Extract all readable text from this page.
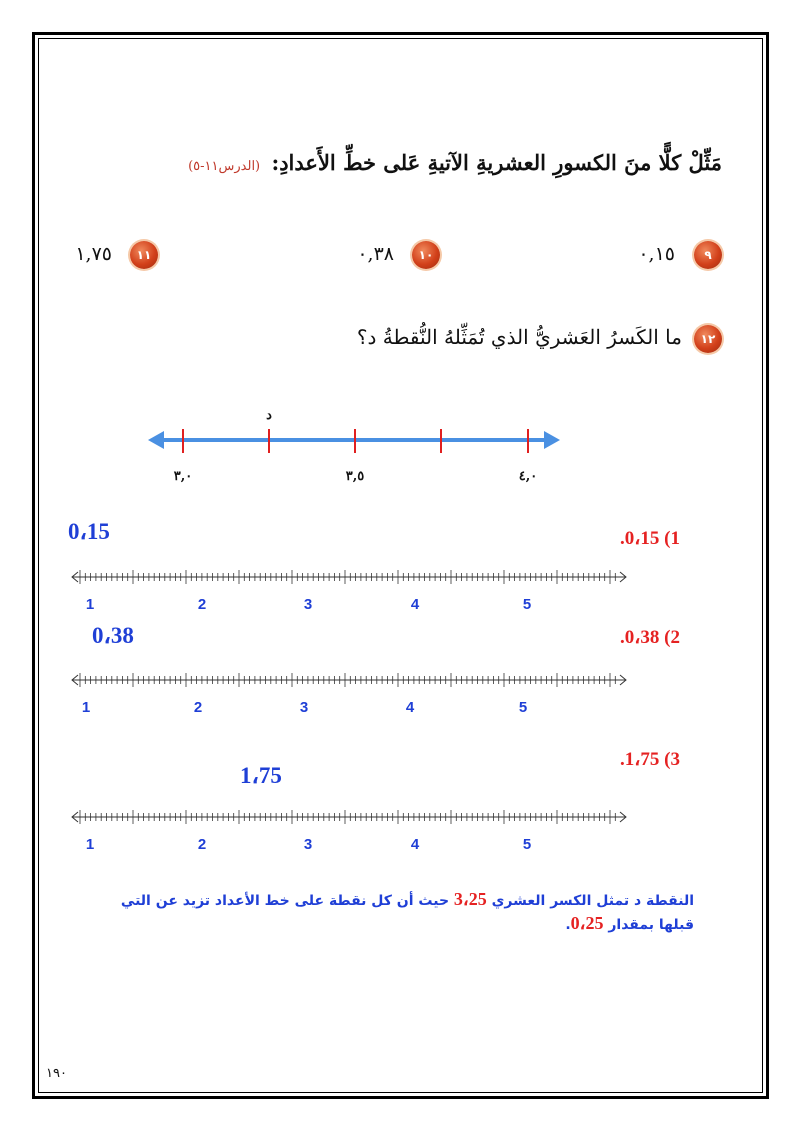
مَثِّلْ كلًّا منَ الكسورِ العشريةِ الآتيةِ عَلى خطِّ الأَعدادِ: (الدرس١١-٥)
٩
٠,١٥
١٠
٠,٣٨
١١
١,٧٥
١٢
ما الكَسرُ العَشريُّ الذي تُمَثِّلهُ النُّقطةُ د؟
د
٣,٠	٣,٥	٤,٠
.0،15 (1
0،15
1	2	3	4	5
.0،38 (2
0،38
1	2	3	4	5
.1،75 (3
1،75
1	2	3	4	5
النقطة د تمثل الكسر العشري 3،25 حيث أن كل نقطة على خط الأعداد تزيد عن التي قبلها بمقدار 0،25.
١٩٠
